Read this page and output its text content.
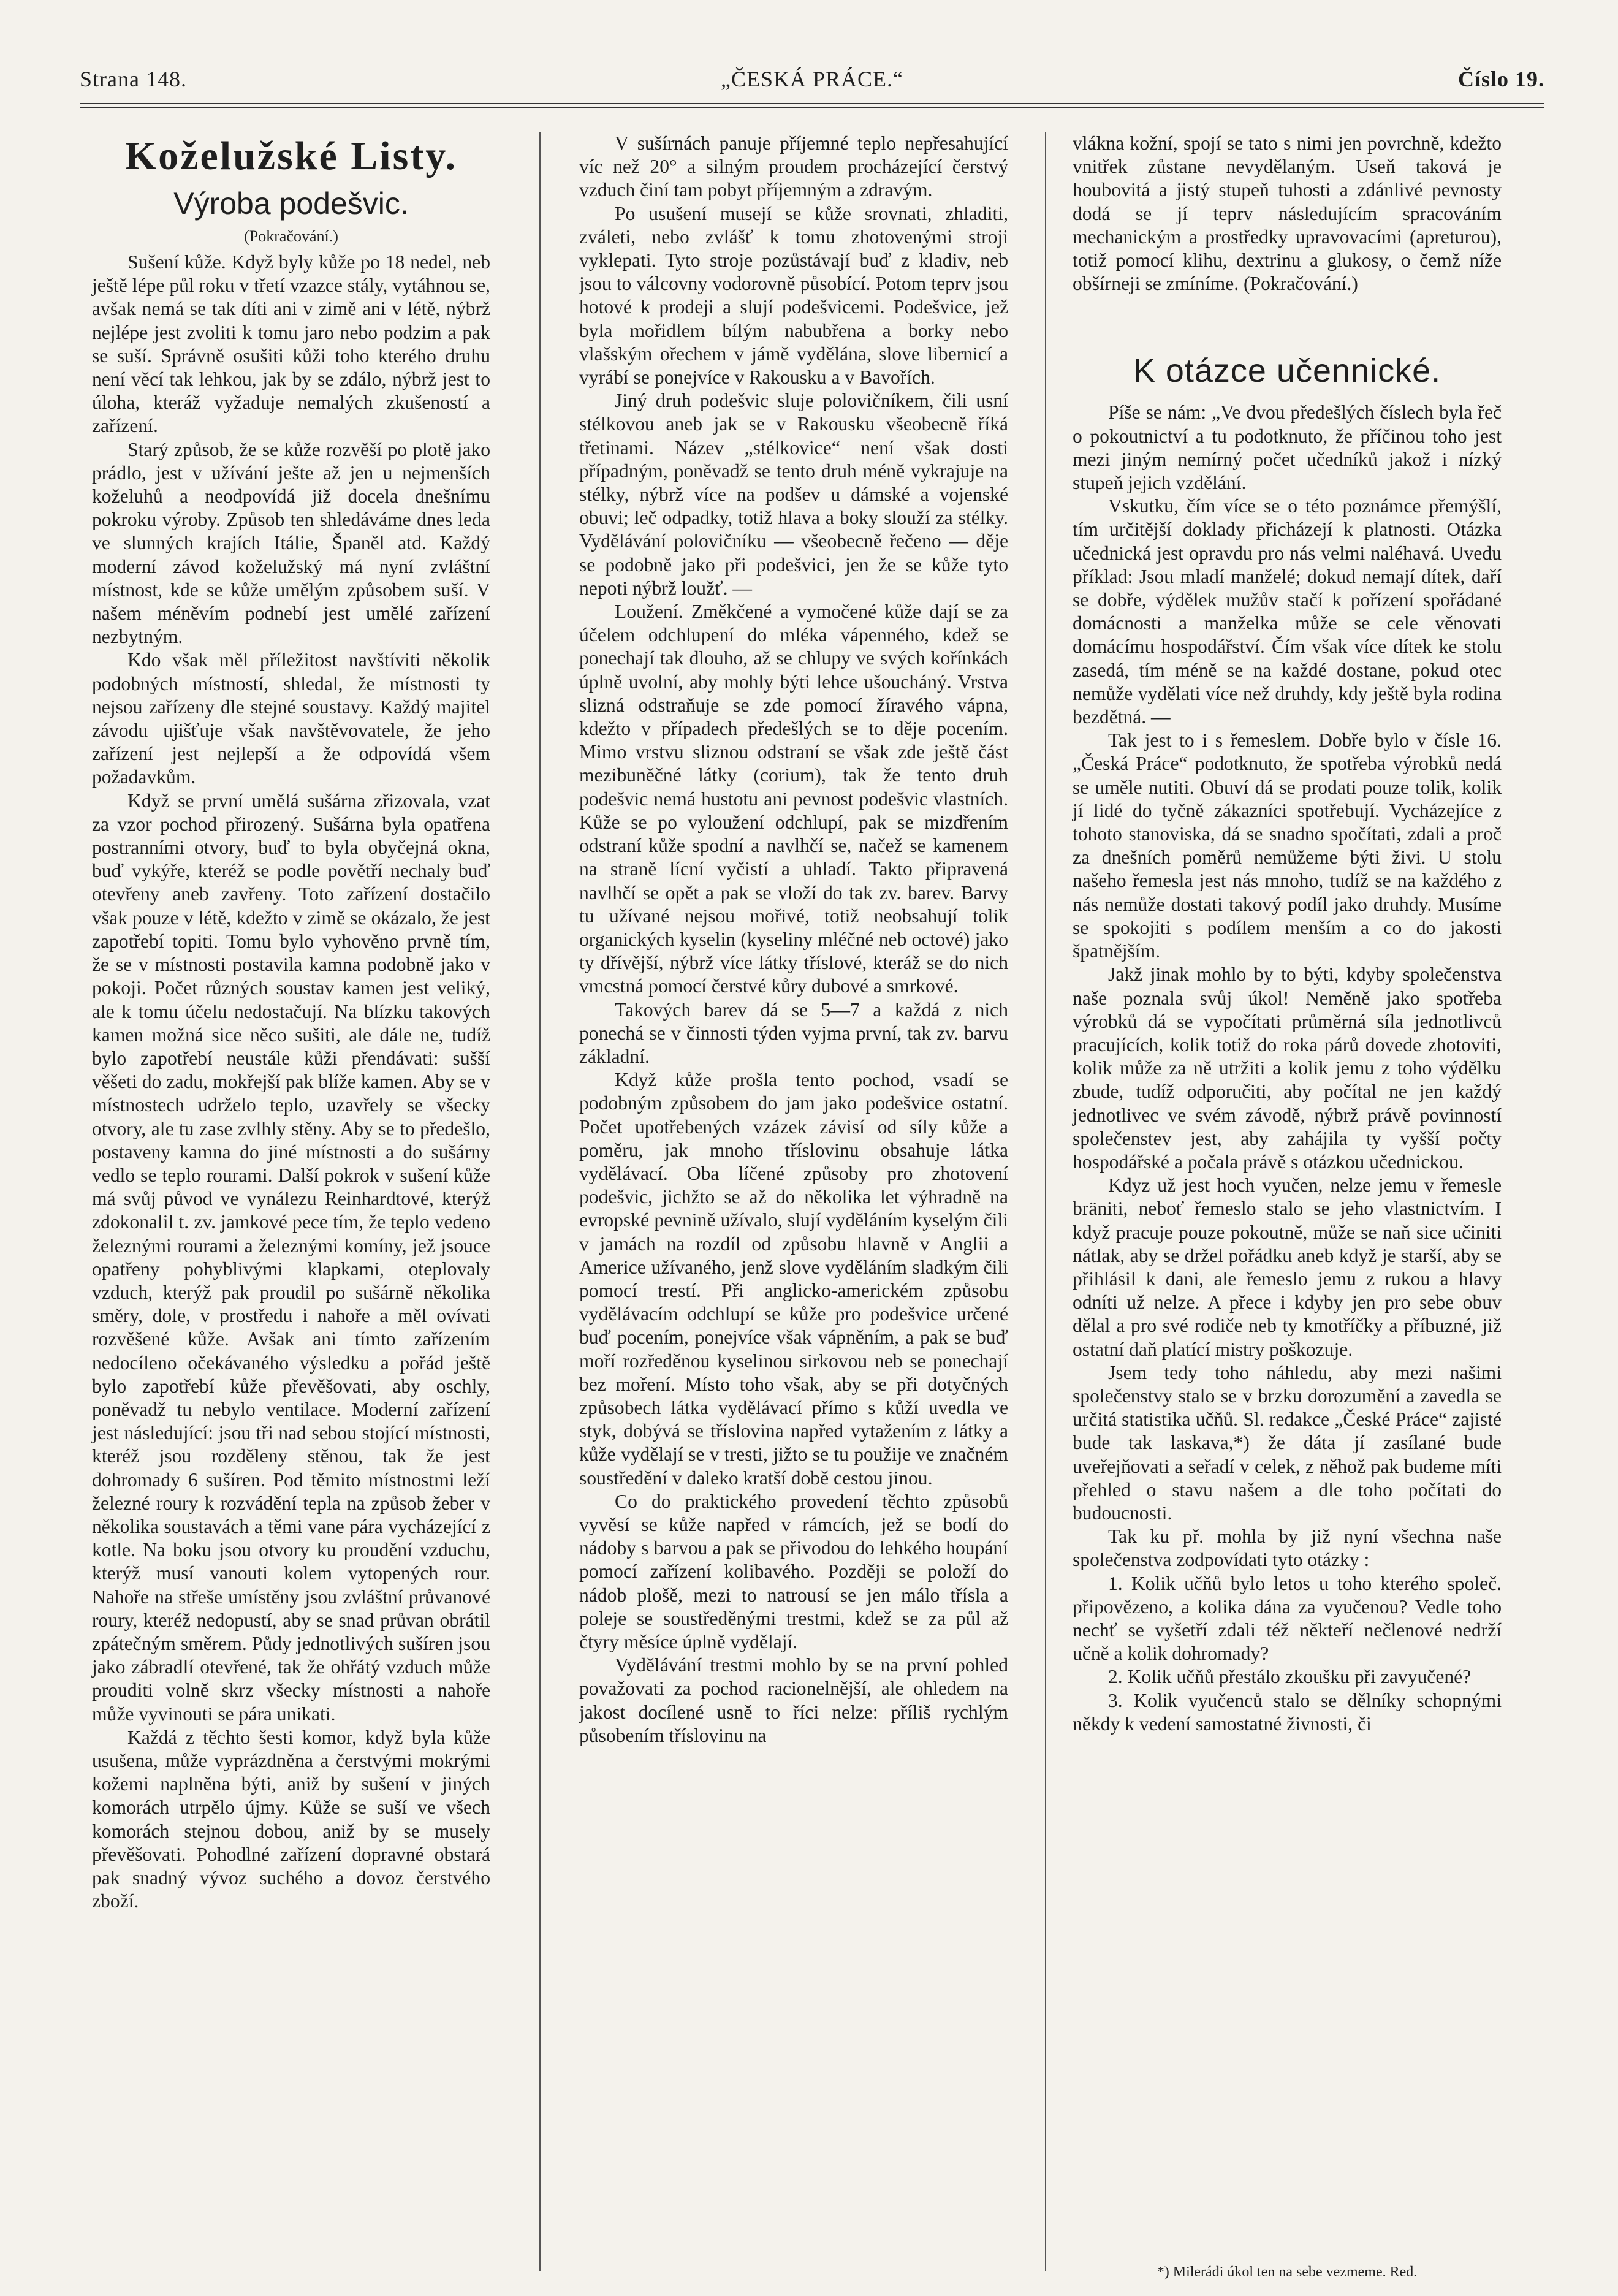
Strana 148.	„ČESKÁ PRÁCE.“	Číslo 19.
Koželužské Listy.
Výroba podešvic.
(Pokračování.)

Sušení kůže. Když byly kůže po 18 nedel, neb ještě lépe půl roku v třetí vzazce stály, vytáhnou se, avšak nemá se tak díti ani v zimě ani v létě, nýbrž nejlépe jest zvoliti k tomu jaro nebo podzim a pak se suší. Správně osušiti kůži toho kterého druhu není věcí tak lehkou, jak by se zdálo, nýbrž jest to úloha, kteráž vyžaduje nemalých zkušeností a zařízení.

Starý způsob, že se kůže rozvěší po plotě jako prádlo, jest v užívání ješte až jen u nejmenších koželuhů a neodpovídá již docela dnešnímu pokroku výroby. Způsob ten shledáváme dnes leda ve slunných krajích Itálie, Španěl atd. Každý moderní závod koželužský má nyní zvláštní místnost, kde se kůže umělým způsobem suší. V našem méněvím podnebí jest umělé zařízení nezbytným.

Kdo však měl příležitost navštíviti několik podobných místností, shledal, že místnosti ty nejsou zařízeny dle stejné soustavy. Každý majitel závodu ujišťuje však navštěvovatele, že jeho zařízení jest nejlepší a že odpovídá všem požadavkům.

Když se první umělá sušárna zřizovala, vzat za vzor pochod přirozený. Sušárna byla opatřena postranními otvory, buď to byla obyčejná okna, buď vykýře, kteréž se podle povětří nechaly buď otevřeny aneb zavřeny. Toto zařízení dostačilo však pouze v létě, kdežto v zimě se okázalo, že jest zapotřebí topiti. Tomu bylo vyhověno prvně tím, že se v místnosti postavila kamna podobně jako v pokoji. Počet různých soustav kamen jest veliký, ale k tomu účelu nedostačují. Na blízku takových kamen možná sice něco sušiti, ale dále ne, tudíž bylo zapotřebí neustále kůži přendávati: sušší věšeti do zadu, mokřejší pak blíže kamen. Aby se v místnostech udrželo teplo, uzavřely se všecky otvory, ale tu zase zvlhly stěny. Aby se to předešlo, postaveny kamna do jiné místnosti a do sušárny vedlo se teplo rourami. Další pokrok v sušení kůže má svůj původ ve vynálezu Reinhardtové, kterýž zdokonalil t. zv. jamkové pece tím, že teplo vedeno železnými rourami a železnými komíny, jež jsouce opatřeny pohyblivými klapkami, oteplovaly vzduch, kterýž pak proudil po sušárně několika směry, dole, v prostředu i nahoře a měl ovívati rozvěšené kůže. Avšak ani tímto zařízením nedocíleno očekávaného výsledku a pořád ještě bylo zapotřebí kůže převěšovati, aby oschly, poněvadž tu nebylo ventilace. Moderní zařízení jest následující: jsou tři nad sebou stojící místnosti, kteréž jsou rozděleny stěnou, tak že jest dohromady 6 sušíren. Pod těmito místnostmi leží železné roury k rozvádění tepla na způsob žeber v několika soustavách a těmi vane pára vycházející z kotle. Na boku jsou otvory ku proudění vzduchu, kterýž musí vanouti kolem vytopených rour. Nahoře na střeše umístěny jsou zvláštní průvanové roury, kteréž nedopustí, aby se snad průvan obrátil zpátečným směrem. Půdy jednotlivých sušíren jsou jako zábradlí otevřené, tak že ohřátý vzduch může prouditi volně skrz všecky místnosti a nahoře může vyvinouti se pára unikati.

Každá z těchto šesti komor, když byla kůže usušena, může vyprázdněna a čerstvými mokrými kožemi naplněna býti, aniž by sušení v jiných komorách utrpělo újmy. Kůže se suší ve všech komorách stejnou dobou, aniž by se musely převěšovati. Pohodlné zařízení dopravné obstará pak snadný vývoz suchého a dovoz čerstvého zboží.

V sušírnách panuje příjemné teplo nepřesahující víc než 20° a silným proudem procházející čerstvý vzduch činí tam pobyt příjemným a zdravým.

Po usušení musejí se kůže srovnati, zhladiti, zváleti, nebo zvlášť k tomu zhotovenými stroji vyklepati. Tyto stroje pozůstávají buď z kladiv, neb jsou to válcovny vodorovně působící. Potom teprv jsou hotové k prodeji a slují podešvicemi. Podešvice, jež byla mořidlem bílým nabubřena a borky nebo vlašským ořechem v jámě vydělána, slove libernicí a vyrábí se ponejvíce v Rakousku a v Bavořích.

Jiný druh podešvic sluje polovičníkem, čili usní stélkovou aneb jak se v Rakousku všeobecně říká třetinami. Název „stélkovice“ není však dosti případným, poněvadž se tento druh méně vykrajuje na stélky, nýbrž více na podšev u dámské a vojenské obuvi; leč odpadky, totiž hlava a boky slouží za stélky. Vydělávání polovičníku — všeobecně řečeno — děje se podobně jako při podešvici, jen že se kůže tyto nepoti nýbrž loužť. —

Loužení. Změkčené a vymočené kůže dají se za účelem odchlupení do mléka vápenného, kdež se ponechají tak dlouho, až se chlupy ve svých kořínkách úplně uvolní, aby mohly býti lehce ušoucháný. Vrstva slizná odstraňuje se zde pomocí žíravého vápna, kdežto v případech předešlých se to děje pocením. Mimo vrstvu sliznou odstraní se však zde ještě část mezibuněčné látky (corium), tak že tento druh podešvic nemá hustotu ani pevnost podešvic vlastních. Kůže se po vyloužení odchlupí, pak se mizdřením odstraní kůže spodní a navlhčí se, načež se kamenem na straně lícní vyčistí a uhladí. Takto připravená navlhčí se opět a pak se vloží do tak zv. barev. Barvy tu užívané nejsou mořivé, totiž neobsahují tolik organických kyselin (kyseliny mléčné neb octové) jako ty dřívější, nýbrž více látky tříslové, kteráž se do nich vmcstná pomocí čerstvé kůry dubové a smrkové.

Takových barev dá se 5—7 a každá z nich ponechá se v činnosti týden vyjma první, tak zv. barvu základní.

Když kůže prošla tento pochod, vsadí se podobným způsobem do jam jako podešvice ostatní. Počet upotřebených vzázek závisí od síly kůže a poměru, jak mnoho tříslovinu obsahuje látka vydělávací. Oba líčené způsoby pro zhotovení podešvic, jichžto se až do několika let výhradně na evropské pevnině užívalo, slují vyděláním kyselým čili v jamách na rozdíl od způsobu hlavně v Anglii a Americe užívaného, jenž slove vyděláním sladkým čili pomocí trestí. Při anglicko-americkém způsobu vydělávacím odchlupí se kůže pro podešvice určené buď pocením, ponejvíce však vápněním, a pak se buď moří rozředěnou kyselinou sirkovou neb se ponechají bez moření. Místo toho však, aby se při dotyčných způsobech látka vydělávací přímo s kůží uvedla ve styk, dobývá se tříslovina napřed vytažením z látky a kůže vydělají se v tresti, jižto se tu použije ve značném soustředění v daleko kratší době cestou jinou.

Co do praktického provedení těchto způsobů vyvěsí se kůže napřed v rámcích, jež se bodí do nádoby s barvou a pak se přivodou do lehkého houpání pomocí zařízení kolibavého. Později se položí do nádob plošě, mezi to natrousí se jen málo třísla a poleje se soustředěnými trestmi, kdež se za půl až čtyry měsíce úplně vydělají.

Vydělávání trestmi mohlo by se na první pohled považovati za pochod racionelnější, ale ohledem na jakost docílené usně to říci nelze: příliš rychlým působením tříslovinu na

vlákna kožní, spojí se tato s nimi jen povrchně, kdežto vnitřek zůstane nevydělaným. Useň taková je houbovitá a jistý stupeň tuhosti a zdánlivé pevnosty dodá se jí teprv následujícím spracováním mechanickým a prostředky upravovacími (apreturou), totiž pomocí klihu, dextrinu a glukosy, o čemž níže obšírneji se zmíníme. (Pokračování.)

K otázce učennické.

Píše se nám: „Ve dvou předešlých číslech byla řeč o pokoutnictví a tu podotknuto, že příčinou toho jest mezi jiným nemírný počet učedníků jakož i nízký stupeň jejich vzdělání.

Vskutku, čím více se o této poznámce přemýšlí, tím určitější doklady přicházejí k platnosti. Otázka učednická jest opravdu pro nás velmi naléhavá. Uvedu příklad: Jsou mladí manželé; dokud nemají dítek, daří se dobře, výdělek mužův stačí k pořízení spořádané domácnosti a manželka může se cele věnovati domácímu hospodářství. Čím však více dítek ke stolu zasedá, tím méně se na každé dostane, pokud otec nemůže vydělati více než druhdy, kdy ještě byla rodina bezdětná. —

Tak jest to i s řemeslem. Dobře bylo v čísle 16. „Česká Práce“ podotknuto, že spotřeba výrobků nedá se uměle nutiti. Obuví dá se prodati pouze tolik, kolik jí lidé do tyčně zákazníci spotřebují. Vycházejíce z tohoto stanoviska, dá se snadno spočítati, zdali a proč za dnešních poměrů nemůžeme býti živi. U stolu našeho řemesla jest nás mnoho, tudíž se na každého z nás nemůže dostati takový podíl jako druhdy. Musíme se spokojiti s podílem menším a co do jakosti špatnějším.

Jakž jinak mohlo by to býti, kdyby společenstva naše poznala svůj úkol! Neměně jako spotřeba výrobků dá se vypočítati průměrná síla jednotlivců pracujících, kolik totiž do roka párů dovede zhotoviti, kolik může za ně utržiti a kolik jemu z toho výdělku zbude, tudíž odporučiti, aby počítal ne jen každý jednotlivec ve svém závodě, nýbrž právě povinností společenstev jest, aby zahájila ty vyšší počty hospodářské a počala právě s otázkou učednickou.

Kdyz už jest hoch vyučen, nelze jemu v řemesle bräniti, neboť řemeslo stalo se jeho vlastnictvím. I když pracuje pouze pokoutně, může se naň sice učiniti nátlak, aby se držel pořádku aneb když je starší, aby se přihlásil k dani, ale řemeslo jemu z rukou a hlavy odníti už nelze. A přece i kdyby jen pro sebe obuv dělal a pro své rodiče neb ty kmotříčky a příbuzné, již ostatní daň platící mistry poškozuje.

Jsem tedy toho náhledu, aby mezi našimi společenstvy stalo se v brzku dorozumění a zavedla se určitá statistika učňů. Sl. redakce „České Práce“ zajisté bude tak laskava,*) že dáta jí zasílané bude uveřejňovati a seřadí v celek, z něhož pak budeme míti přehled o stavu našem a dle toho počítati do budoucnosti.

Tak ku př. mohla by již nyní všechna naše společenstva zodpovídati tyto otázky :

1. Kolik učňů bylo letos u toho kterého společ. připovězeno, a kolika dána za vyučenou? Vedle toho nechť se vyšetří zdali též někteří nečlenové nedrží učně a kolik dohromady?

2. Kolik učňů přestálo zkoušku při zavyučené?

3. Kolik vyučenců stalo se dělníky schopnými někdy k vedení samostatné živnosti, či

*) Milerádi úkol ten na sebe vezmeme. Red.
